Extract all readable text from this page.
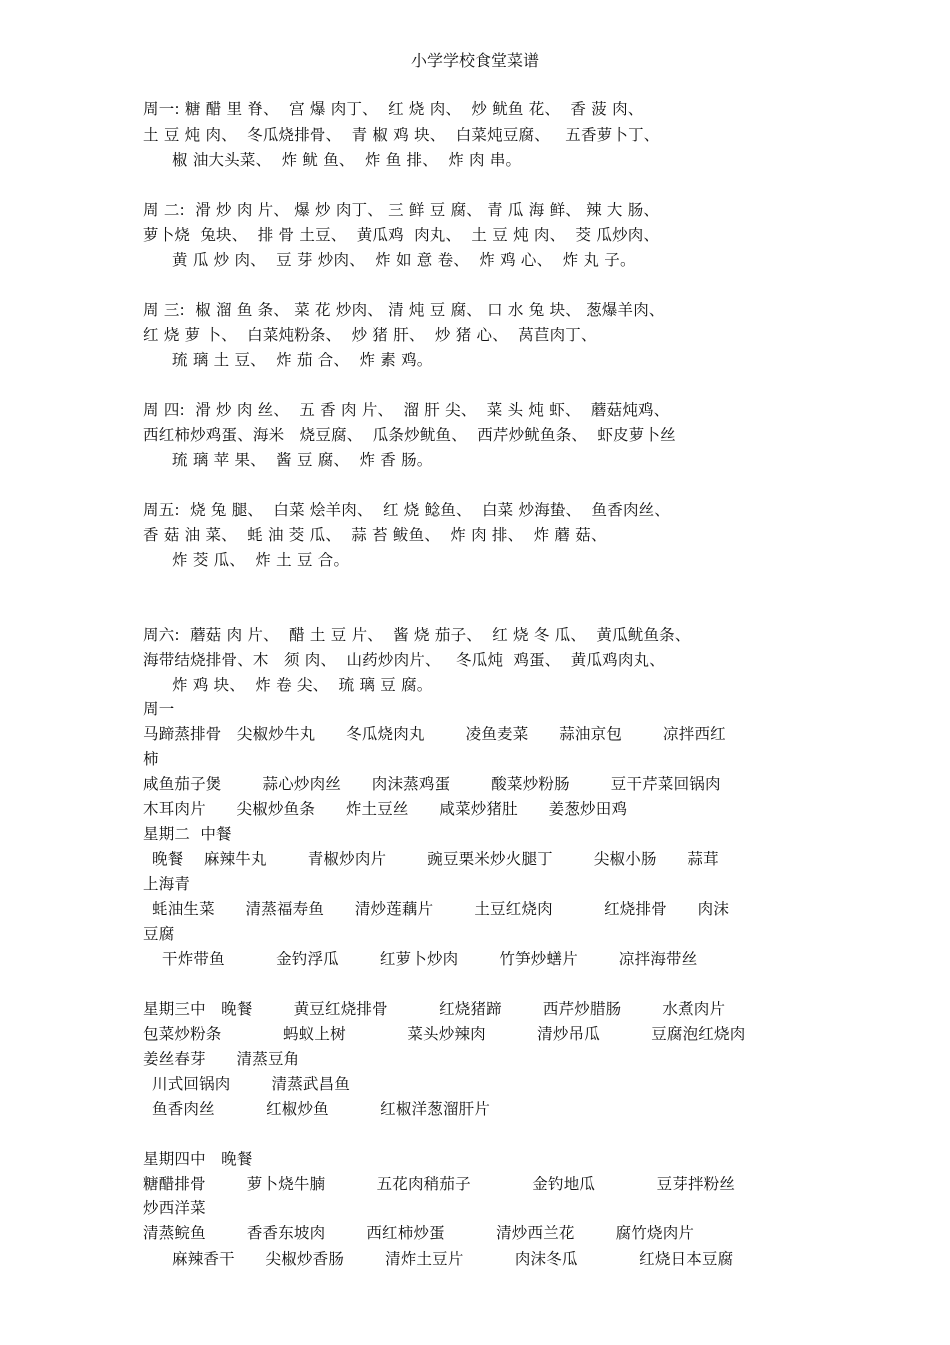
小学学校食堂菜谱
周一: 糖 醋 里 脊、  宫 爆 肉丁、  红 烧 肉、  炒 鱿鱼 花、  香 菠 肉、
土 豆 炖 肉、  冬瓜烧排骨、  青 椒 鸡 块、  白菜炖豆腐、   五香萝卜丁、
椒 油大头菜、  炸 鱿 鱼、  炸 鱼 排、  炸 肉 串。
周 二:  滑 炒 肉 片、 爆 炒 肉丁、 三 鲜 豆 腐、 青 瓜 海 鲜、 辣 大 肠、
萝卜烧  兔块、  排 骨 土豆、  黄瓜鸡  肉丸、  土 豆 炖 肉、  茭 瓜炒肉、
黄 瓜 炒 肉、  豆 芽 炒肉、  炸 如 意 卷、  炸 鸡 心、  炸 丸 子。
周 三:  椒 溜 鱼 条、 菜 花 炒肉、 清 炖 豆 腐、 口 水 兔 块、 葱爆羊肉、
红 烧 萝 卜、  白菜炖粉条、  炒 猪 肝、  炒 猪 心、  莴苣肉丁、
琉 璃 土 豆、  炸 茄 合、  炸 素 鸡。
周 四:  滑 炒 肉 丝、  五 香 肉 片、  溜 肝 尖、  菜 头 炖 虾、  蘑菇炖鸡、
西红柿炒鸡蛋、海米   烧豆腐、  瓜条炒鱿鱼、  西芹炒鱿鱼条、  虾皮萝卜丝
琉 璃 苹 果、  酱 豆 腐、  炸 香 肠。
周五:  烧 兔 腿、  白菜 烩羊肉、  红 烧 鲶鱼、  白菜 炒海蛰、  鱼香肉丝、
香 菇 油 菜、  蚝 油 茭 瓜、  蒜 苔 鲅鱼、  炸 肉 排、  炸 蘑 菇、
炸 茭 瓜、  炸 土 豆 合。
周六:  蘑菇 肉 片、  醋 土 豆 片、  酱 烧 茄子、  红 烧 冬 瓜、  黄瓜鱿鱼条、
海带结烧排骨、木   须 肉、  山药炒肉片、   冬瓜炖  鸡蛋、  黄瓜鸡肉丸、
炸 鸡 块、  炸 卷 尖、  琉 璃 豆 腐。
周一
马蹄蒸排骨   尖椒炒牛丸      冬瓜烧肉丸        凌鱼麦菜      蒜油京包        凉拌西红
柿
咸鱼茄子煲        蒜心炒肉丝      肉沫蒸鸡蛋        酸菜炒粉肠        豆干芹菜回锅肉
木耳肉片      尖椒炒鱼条      炸土豆丝      咸菜炒猪肚      姜葱炒田鸡
星期二  中餐
晚餐    麻辣牛丸        青椒炒肉片        豌豆栗米炒火腿丁        尖椒小肠      蒜茸
上海青
蚝油生菜      清蒸福寿鱼      清炒莲藕片        土豆红烧肉          红烧排骨      肉沫
豆腐
干炸带鱼          金钓浮瓜        红萝卜炒肉        竹笋炒蟮片        凉拌海带丝
星期三中   晚餐        黄豆红烧排骨          红烧猪蹄        西芹炒腊肠        水煮肉片
包菜炒粉条            蚂蚁上树            菜头炒辣肉          清炒吊瓜          豆腐泡红烧肉
姜丝春芽      清蒸豆角
川式回锅肉        清蒸武昌鱼
鱼香肉丝          红椒炒鱼          红椒洋葱溜肝片
星期四中   晚餐
糖醋排骨        萝卜烧牛腩          五花肉稍茄子            金钓地瓜            豆芽拌粉丝
炒西洋菜
清蒸鲩鱼        香香东坡肉        西红柿炒蛋          清炒西兰花        腐竹烧肉片
麻辣香干      尖椒炒香肠        清炸土豆片          肉沫冬瓜            红烧日本豆腐
